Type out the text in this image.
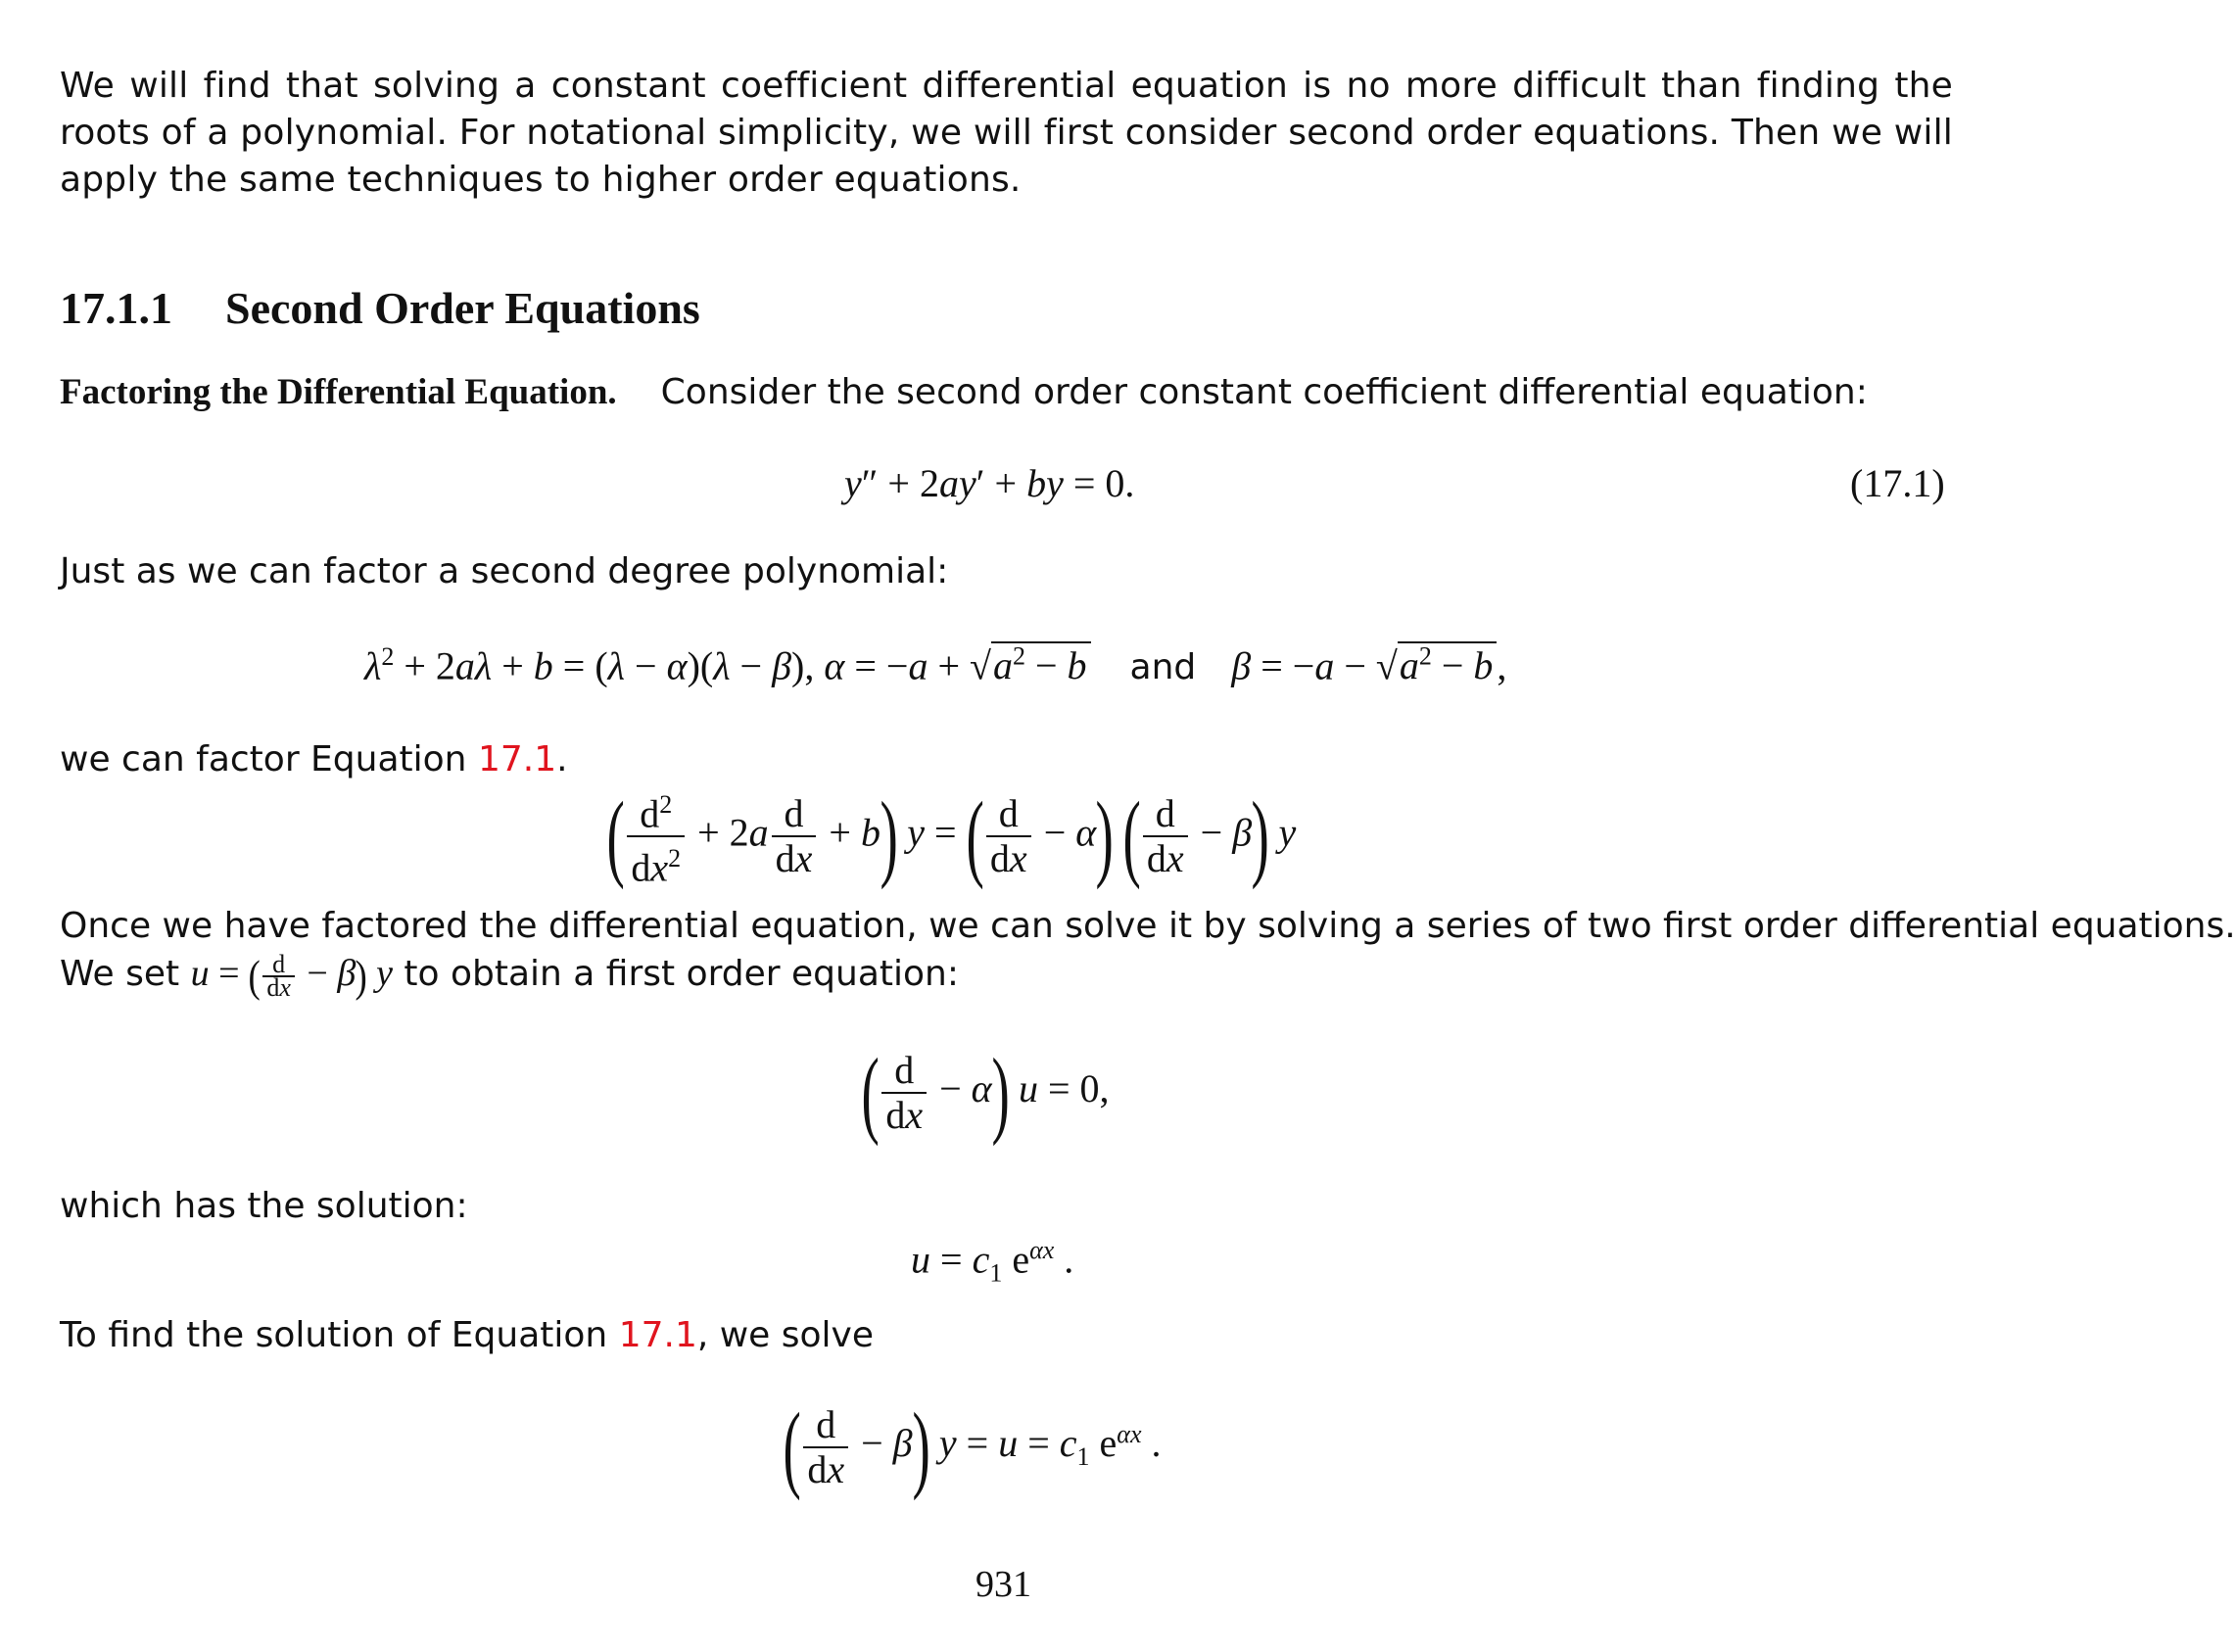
We will find that solving a constant coefficient differential equation is no more difficult than finding the roots of a polynomial. For notational simplicity, we will first consider second order equations. Then we will apply the same techniques to higher order equations.
17.1.1 Second Order Equations
Factoring the Differential Equation. Consider the second order constant coefficient differential equation:
y″ + 2ay′ + by = 0.	(17.1)
Just as we can factor a second degree polynomial:
$\lambda^2 + 2a\lambda + b = (\lambda - \alpha)(\lambda - \beta)$, $\alpha = -a + √a^2 - b$ and $\beta = -a - √a^2 - b$ ,
we can factor Equation 17.1.
( $\frac{d^2}{dx^2} + 2a \frac{d}{dx} + b$) y = ( $\frac{d}{dx} - \alpha$) ( $\frac{d}{dx} - \beta$) y
Once we have factored the differential equation, we can solve it by solving a series of two first order differential equations.
We set u = ( $\frac{d}{dx} - \beta$) y to obtain a first order equation:
( $\frac{d}{dx} - \alpha$) u = 0,
which has the solution:
$u = c_1$ $e^{\alpha x}$ .
To find the solution of Equation 17.1, we solve
( $\frac{d}{dx} - \beta$) $y = u = c_1$ $e^{\alpha x}$ .
931
